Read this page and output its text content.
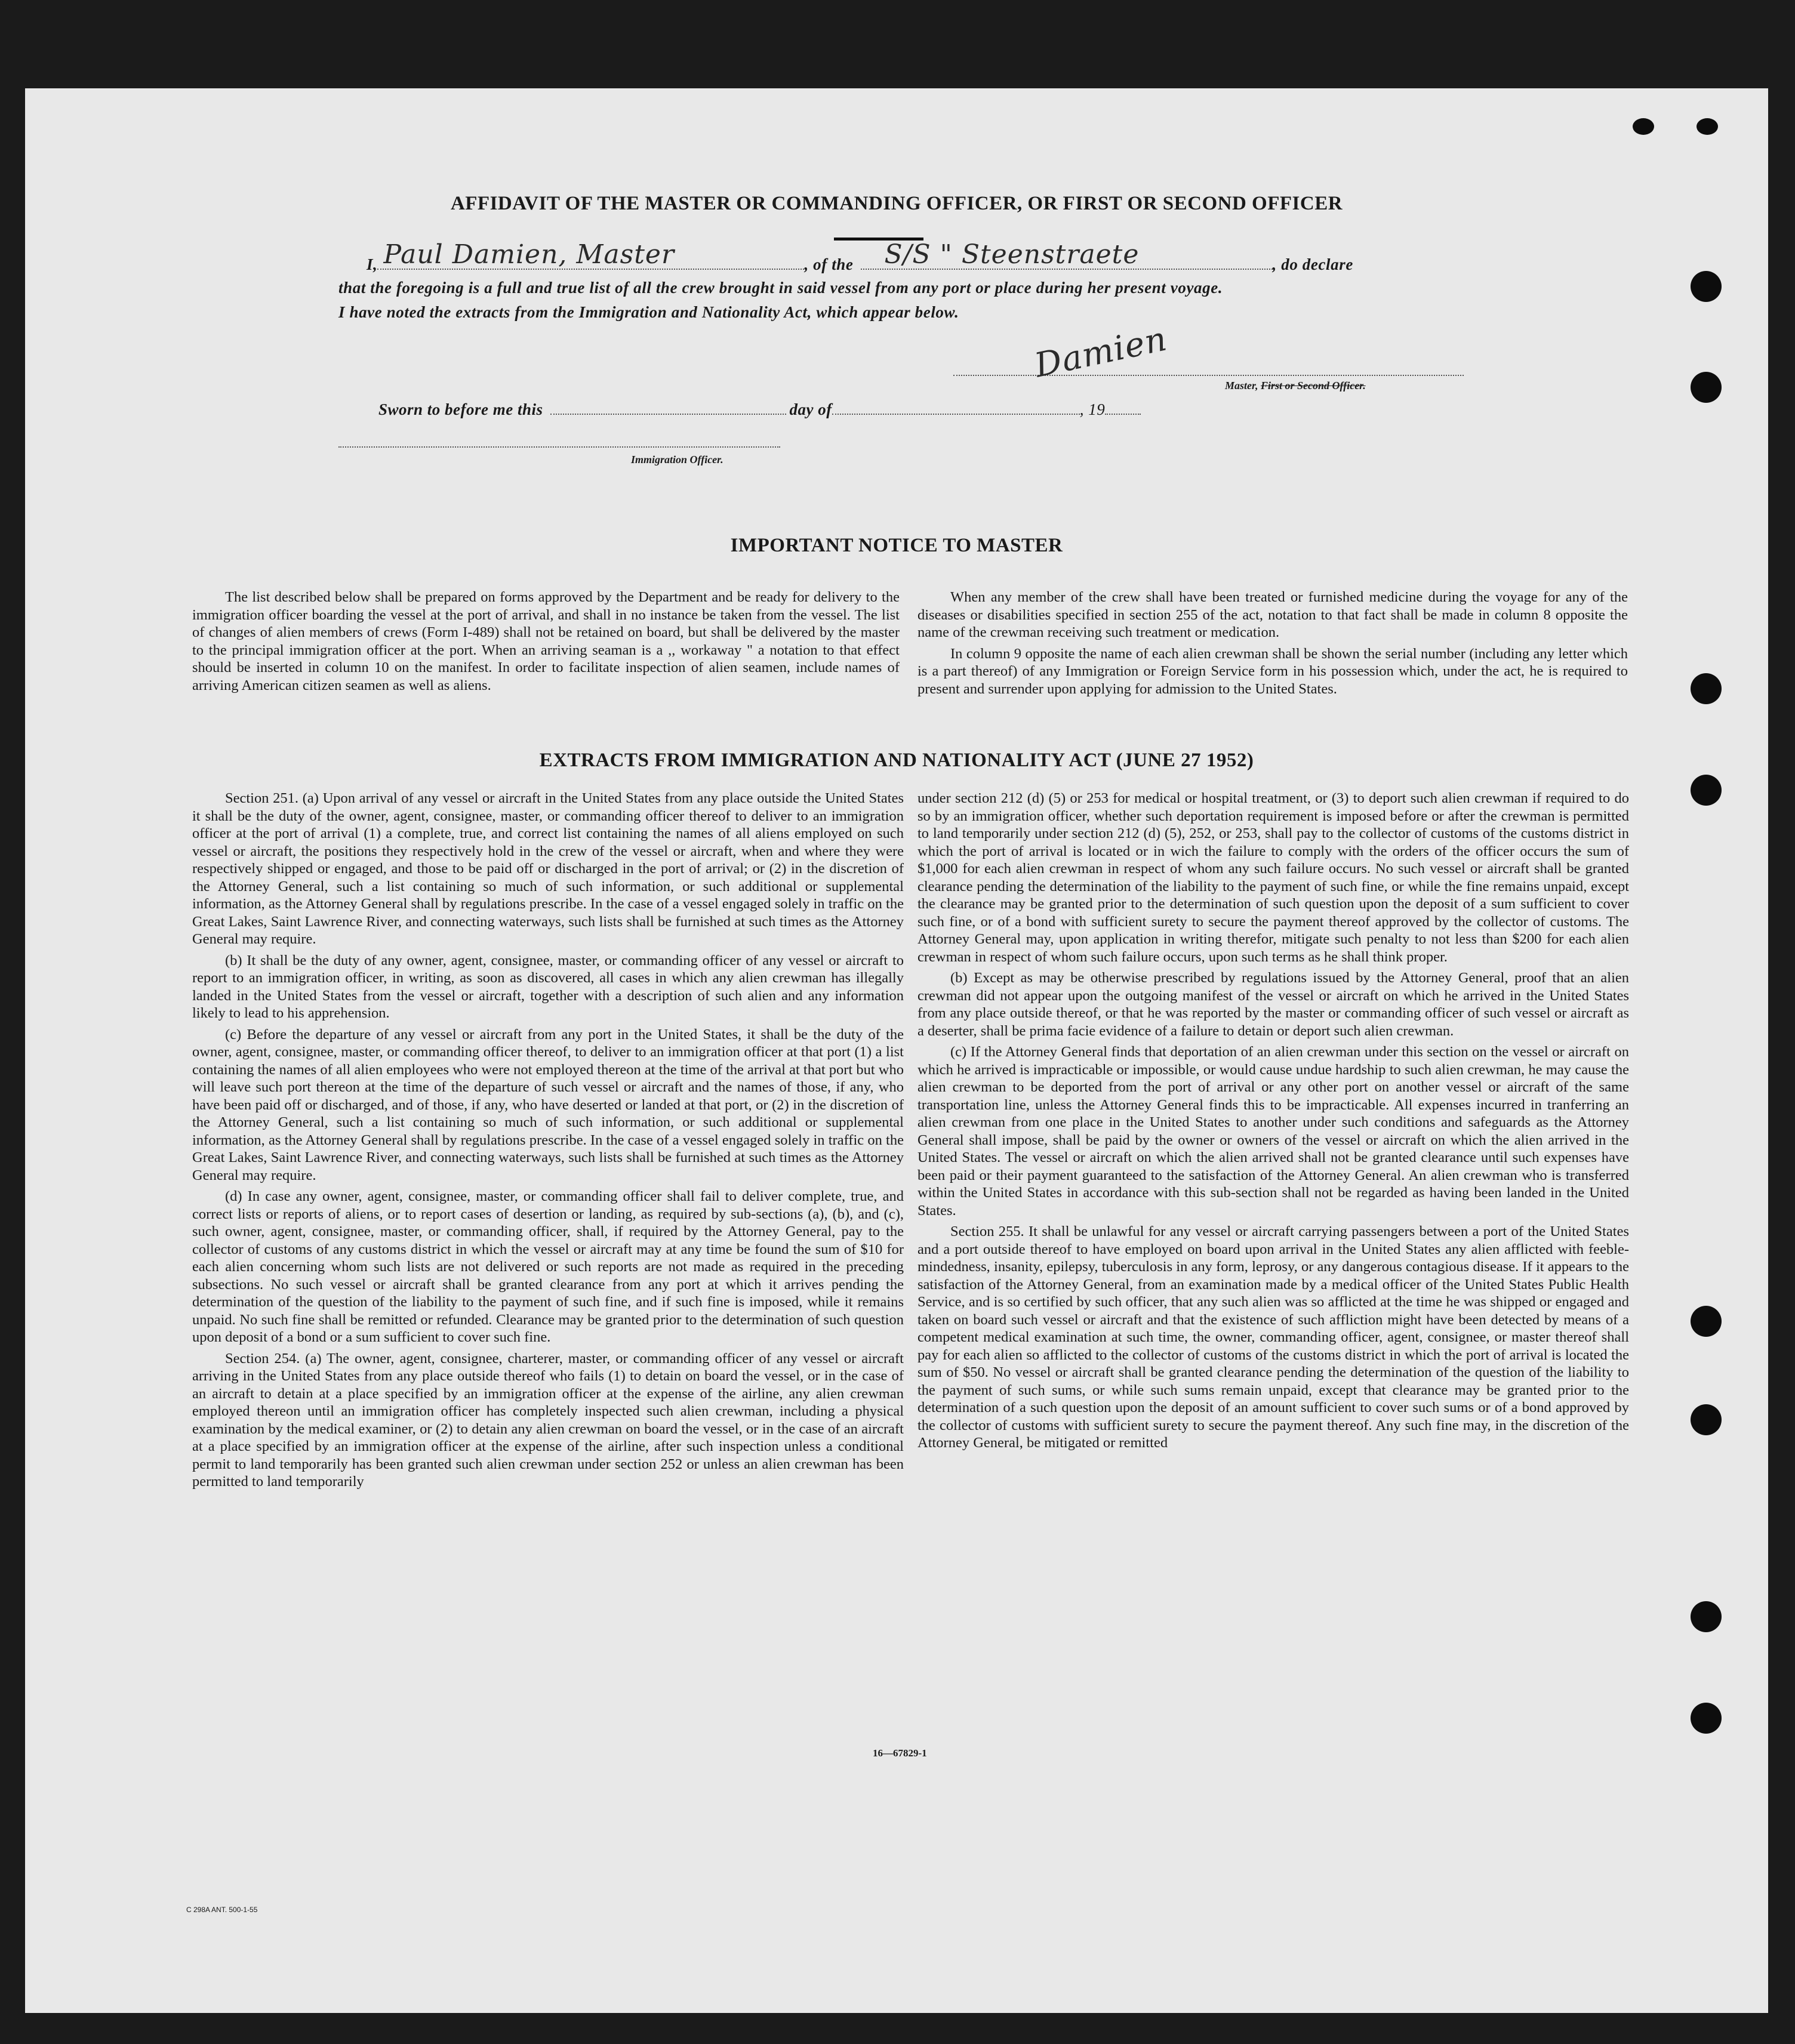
AFFIDAVIT OF THE MASTER OR COMMANDING OFFICER, OR FIRST OR SECOND OFFICER
I, Paul Damien, Master	, of the S/S " Steenstraete	, do declare
that the foregoing is a full and true list of all the crew brought in said vessel from any port or place during her present voyage.
I have noted the extracts from the Immigration and Nationality Act, which appear below.
Damien
Master, First or Second Officer.
Sworn to before me this	day of	, 19
Immigration Officer.
IMPORTANT NOTICE TO MASTER

The list described below shall be prepared on forms approved by the Department and be ready for delivery to the immigration officer boarding the vessel at the port of arrival, and shall in no instance be taken from the vessel. The list of changes of alien members of crews (Form I-489) shall not be retained on board, but shall be delivered by the master to the principal immigration officer at the port. When an arriving seaman is a ,, workaway " a notation to that effect should be inserted in column 10 on the manifest. In order to facilitate inspection of alien seamen, include names of arriving American citizen seamen as well as aliens.

When any member of the crew shall have been treated or furnished medicine during the voyage for any of the diseases or disabilities specified in section 255 of the act, notation to that fact shall be made in column 8 opposite the name of the crewman receiving such treatment or medication.

In column 9 opposite the name of each alien crewman shall be shown the serial number (including any letter which is a part thereof) of any Immigration or Foreign Service form in his possession which, under the act, he is required to present and surrender upon applying for admission to the United States.

EXTRACTS FROM IMMIGRATION AND NATIONALITY ACT (JUNE 27 1952)

Section 251. (a) Upon arrival of any vessel or aircraft in the United States from any place outside the United States it shall be the duty of the owner, agent, consignee, master, or commanding officer thereof to deliver to an immigration officer at the port of arrival (1) a complete, true, and correct list containing the names of all aliens employed on such vessel or aircraft, the positions they respectively hold in the crew of the vessel or aircraft, when and where they were respectively shipped or engaged, and those to be paid off or discharged in the port of arrival; or (2) in the discretion of the Attorney General, such a list containing so much of such information, or such additional or supplemental information, as the Attorney General shall by regulations prescribe. In the case of a vessel engaged solely in traffic on the Great Lakes, Saint Lawrence River, and connecting waterways, such lists shall be furnished at such times as the Attorney General may require.

(b) It shall be the duty of any owner, agent, consignee, master, or commanding officer of any vessel or aircraft to report to an immigration officer, in writing, as soon as discovered, all cases in which any alien crewman has illegally landed in the United States from the vessel or aircraft, together with a description of such alien and any information likely to lead to his apprehension.

(c) Before the departure of any vessel or aircraft from any port in the United States, it shall be the duty of the owner, agent, consignee, master, or commanding officer thereof, to deliver to an immigration officer at that port (1) a list containing the names of all alien employees who were not employed thereon at the time of the arrival at that port but who will leave such port thereon at the time of the departure of such vessel or aircraft and the names of those, if any, who have been paid off or discharged, and of those, if any, who have deserted or landed at that port, or (2) in the discretion of the Attorney General, such a list containing so much of such information, or such additional or supplemental information, as the Attorney General shall by regulations prescribe. In the case of a vessel engaged solely in traffic on the Great Lakes, Saint Lawrence River, and connecting waterways, such lists shall be furnished at such times as the Attorney General may require.

(d) In case any owner, agent, consignee, master, or commanding officer shall fail to deliver complete, true, and correct lists or reports of aliens, or to report cases of desertion or landing, as required by sub-sections (a), (b), and (c), such owner, agent, consignee, master, or commanding officer, shall, if required by the Attorney General, pay to the collector of customs of any customs district in which the vessel or aircraft may at any time be found the sum of $10 for each alien concerning whom such lists are not delivered or such reports are not made as required in the preceding subsections. No such vessel or aircraft shall be granted clearance from any port at which it arrives pending the determination of the question of the liability to the payment of such fine, and if such fine is imposed, while it remains unpaid. No such fine shall be remitted or refunded. Clearance may be granted prior to the determination of such question upon deposit of a bond or a sum sufficient to cover such fine.

Section 254. (a) The owner, agent, consignee, charterer, master, or commanding officer of any vessel or aircraft arriving in the United States from any place outside thereof who fails (1) to detain on board the vessel, or in the case of an aircraft to detain at a place specified by an immigration officer at the expense of the airline, any alien crewman employed thereon until an immigration officer has completely inspected such alien crewman, including a physical examination by the medical examiner, or (2) to detain any alien crewman on board the vessel, or in the case of an aircraft at a place specified by an immigration officer at the expense of the airline, after such inspection unless a conditional permit to land temporarily has been granted such alien crewman under section 252 or unless an alien crewman has been permitted to land temporarily

under section 212 (d) (5) or 253 for medical or hospital treatment, or (3) to deport such alien crewman if required to do so by an immigration officer, whether such deportation requirement is imposed before or after the crewman is permitted to land temporarily under section 212 (d) (5), 252, or 253, shall pay to the collector of customs of the customs district in which the port of arrival is located or in wich the failure to comply with the orders of the officer occurs the sum of $1,000 for each alien crewman in respect of whom any such failure occurs. No such vessel or aircraft shall be granted clearance pending the determination of the liability to the payment of such fine, or while the fine remains unpaid, except the clearance may be granted prior to the determination of such question upon the deposit of a sum sufficient to cover such fine, or of a bond with sufficient surety to secure the payment thereof approved by the collector of customs. The Attorney General may, upon application in writing therefor, mitigate such penalty to not less than $200 for each alien crewman in respect of whom such failure occurs, upon such terms as he shall think proper.

(b) Except as may be otherwise prescribed by regulations issued by the Attorney General, proof that an alien crewman did not appear upon the outgoing manifest of the vessel or aircraft on which he arrived in the United States from any place outside thereof, or that he was reported by the master or commanding officer of such vessel or aircraft as a deserter, shall be prima facie evidence of a failure to detain or deport such alien crewman.

(c) If the Attorney General finds that deportation of an alien crewman under this section on the vessel or aircraft on which he arrived is impracticable or impossible, or would cause undue hardship to such alien crewman, he may cause the alien crewman to be deported from the port of arrival or any other port on another vessel or aircraft of the same transportation line, unless the Attorney General finds this to be impracticable. All expenses incurred in tranferring an alien crewman from one place in the United States to another under such conditions and safeguards as the Attorney General shall impose, shall be paid by the owner or owners of the vessel or aircraft on which the alien arrived in the United States. The vessel or aircraft on which the alien arrived shall not be granted clearance until such expenses have been paid or their payment guaranteed to the satisfaction of the Attorney General. An alien crewman who is transferred within the United States in accordance with this sub-section shall not be regarded as having been landed in the United States.

Section 255. It shall be unlawful for any vessel or aircraft carrying passengers between a port of the United States and a port outside thereof to have employed on board upon arrival in the United States any alien afflicted with feeble-mindedness, insanity, epilepsy, tuberculosis in any form, leprosy, or any dangerous contagious disease. If it appears to the satisfaction of the Attorney General, from an examination made by a medical officer of the United States Public Health Service, and is so certified by such officer, that any such alien was so afflicted at the time he was shipped or engaged and taken on board such vessel or aircraft and that the existence of such affliction might have been detected by means of a competent medical examination at such time, the owner, commanding officer, agent, consignee, or master thereof shall pay for each alien so afflicted to the collector of customs of the customs district in which the port of arrival is located the sum of $50. No vessel or aircraft shall be granted clearance pending the determination of the question of the liability to the payment of such sums, or while such sums remain unpaid, except that clearance may be granted prior to the determination of a such question upon the deposit of an amount sufficient to cover such sums or of a bond approved by the collector of customs with sufficient surety to secure the payment thereof. Any such fine may, in the discretion of the Attorney General, be mitigated or remitted

16—67829-1
C 298A ANT. 500-1-55
